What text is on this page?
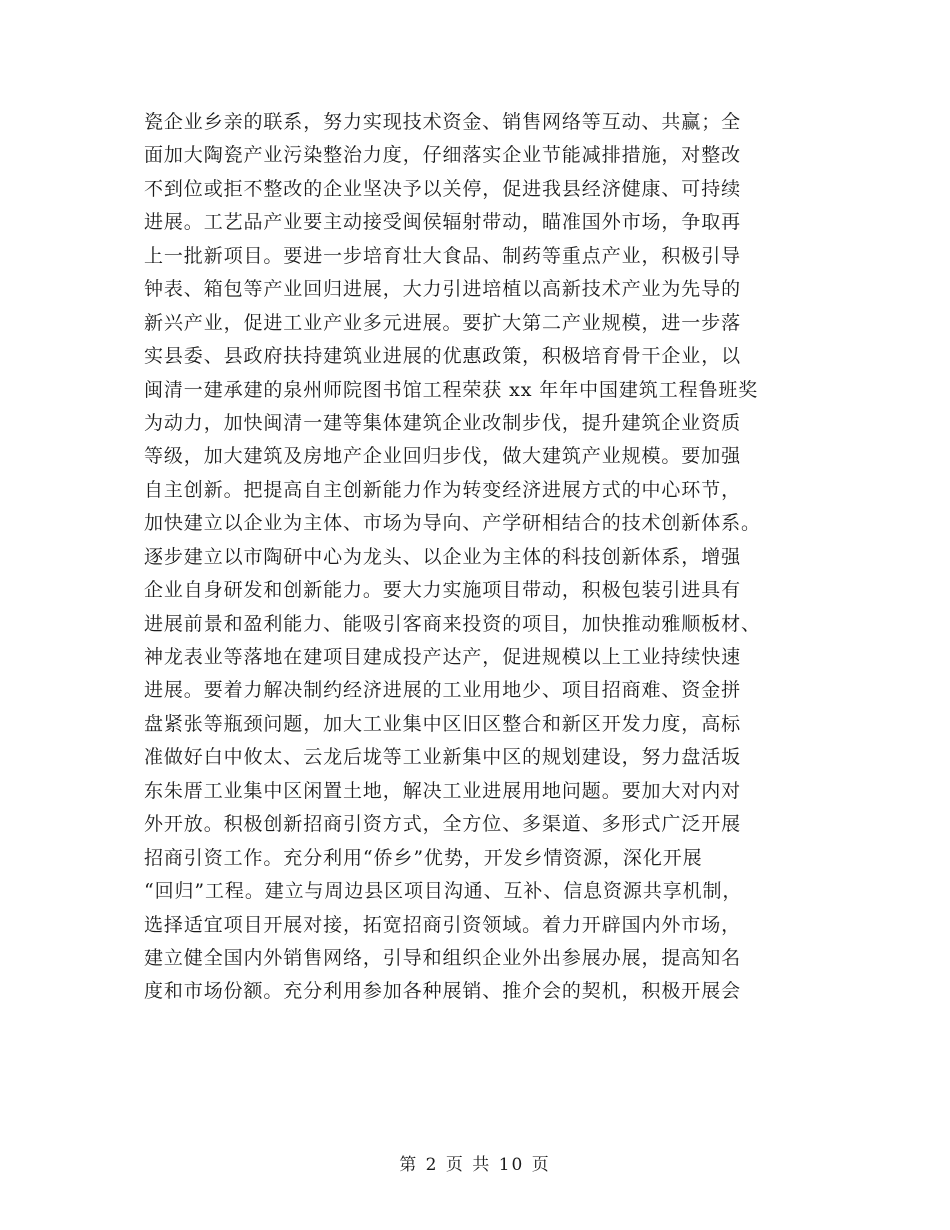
瓷企业乡亲的联系，努力实现技术资金、销售网络等互动、共赢；全
面加大陶瓷产业污染整治力度，仔细落实企业节能减排措施，对整改
不到位或拒不整改的企业坚决予以关停，促进我县经济健康、可持续
进展。工艺品产业要主动接受闽侯辐射带动，瞄准国外市场，争取再
上一批新项目。要进一步培育壮大食品、制药等重点产业，积极引导
钟表、箱包等产业回归进展，大力引进培植以高新技术产业为先导的
新兴产业，促进工业产业多元进展。要扩大第二产业规模，进一步落
实县委、县政府扶持建筑业进展的优惠政策，积极培育骨干企业，以
闽清一建承建的泉州师院图书馆工程荣获 xx 年年中国建筑工程鲁班奖
为动力，加快闽清一建等集体建筑企业改制步伐，提升建筑企业资质
等级，加大建筑及房地产企业回归步伐，做大建筑产业规模。要加强
自主创新。把提高自主创新能力作为转变经济进展方式的中心环节，
加快建立以企业为主体、市场为导向、产学研相结合的技术创新体系。
逐步建立以市陶研中心为龙头、以企业为主体的科技创新体系，增强
企业自身研发和创新能力。要大力实施项目带动，积极包装引进具有
进展前景和盈利能力、能吸引客商来投资的项目，加快推动雅顺板材、
神龙表业等落地在建项目建成投产达产，促进规模以上工业持续快速
进展。要着力解决制约经济进展的工业用地少、项目招商难、资金拼
盘紧张等瓶颈问题，加大工业集中区旧区整合和新区开发力度，高标
准做好白中攸太、云龙后垅等工业新集中区的规划建设，努力盘活坂
东朱厝工业集中区闲置土地，解决工业进展用地问题。要加大对内对
外开放。积极创新招商引资方式，全方位、多渠道、多形式广泛开展
招商引资工作。充分利用“侨乡”优势，开发乡情资源，深化开展
“回归”工程。建立与周边县区项目沟通、互补、信息资源共享机制，
选择适宜项目开展对接，拓宽招商引资领域。着力开辟国内外市场，
建立健全国内外销售网络，引导和组织企业外出参展办展，提高知名
度和市场份额。充分利用参加各种展销、推介会的契机，积极开展会
第 2 页 共 10 页
